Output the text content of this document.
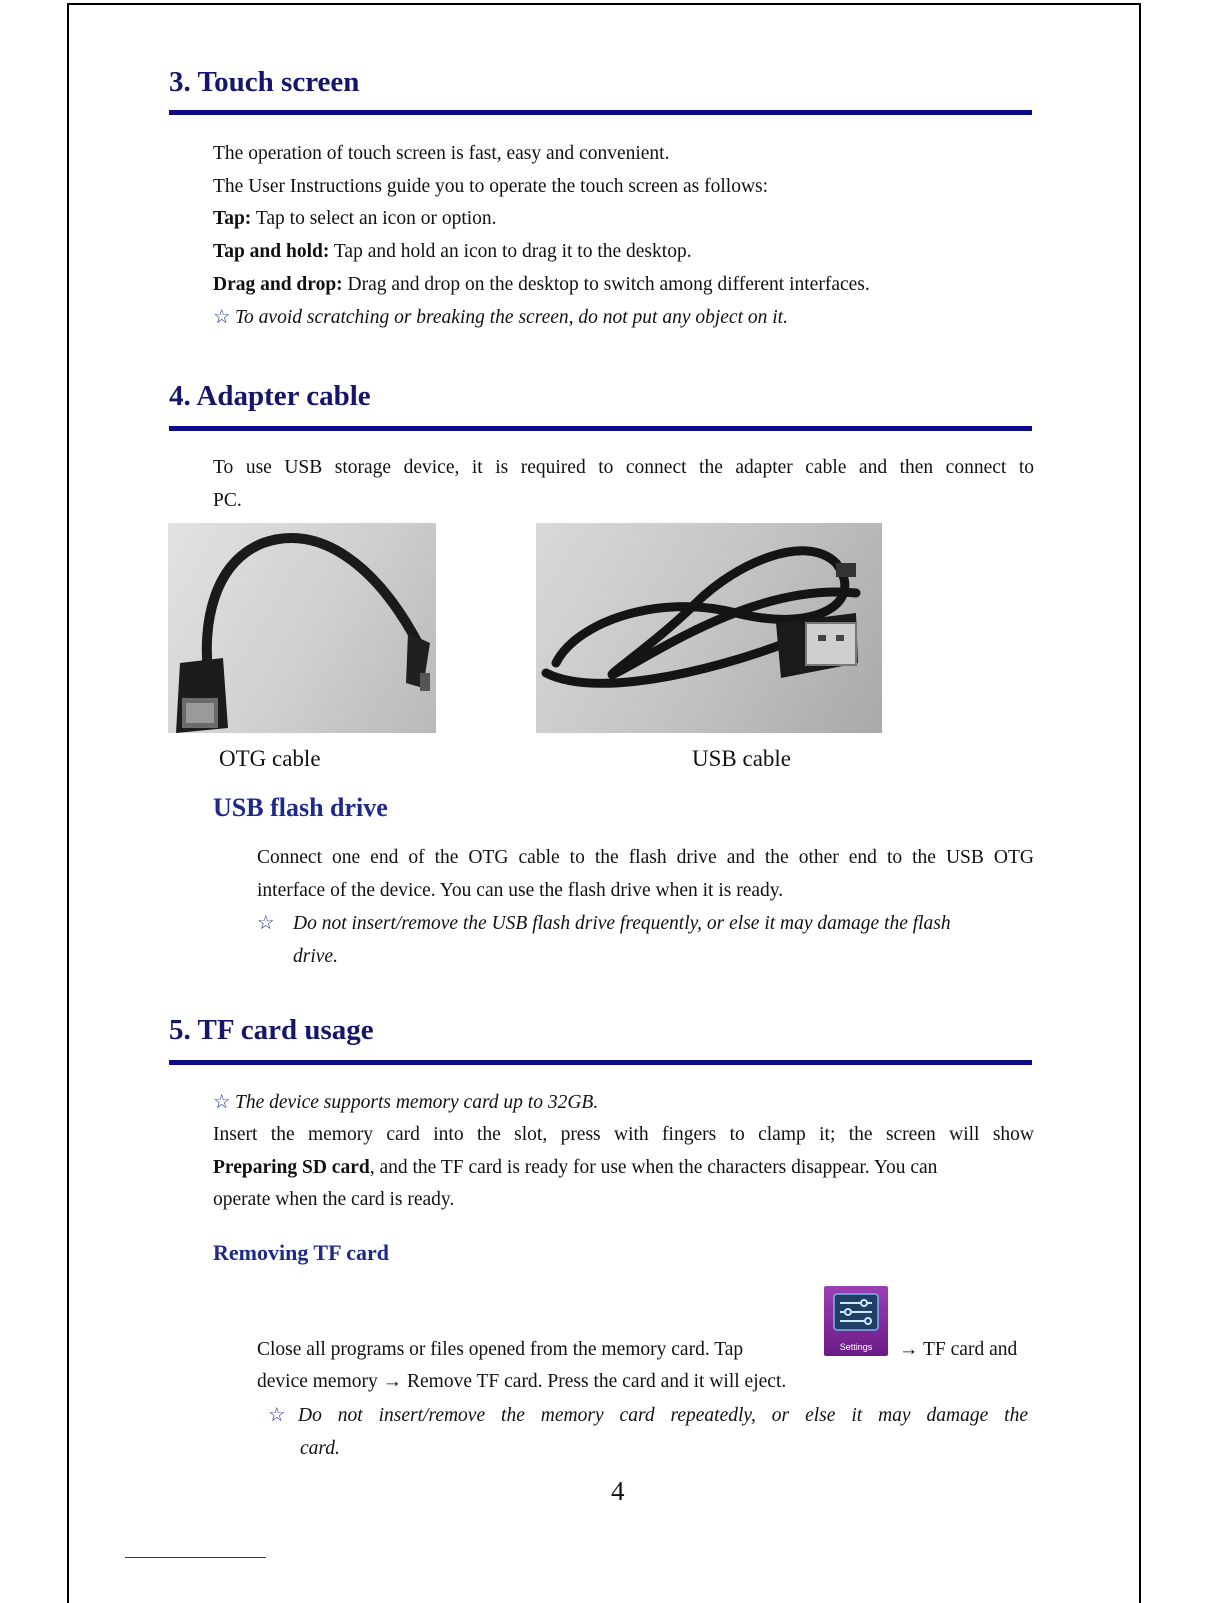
3. Touch screen
The operation of touch screen is fast, easy and convenient.
The User Instructions guide you to operate the touch screen as follows:
Tap: Tap to select an icon or option.
Tap and hold: Tap and hold an icon to drag it to the desktop.
Drag and drop: Drag and drop on the desktop to switch among different interfaces.
☆ To avoid scratching or breaking the screen, do not put any object on it.
4. Adapter cable
To use USB storage device, it is required to connect the adapter cable and then connect to
PC.
OTG cable	USB cable
USB flash drive
Connect one end of the OTG cable to the flash drive and the other end to the USB OTG
interface of the device. You can use the flash drive when it is ready.
☆ Do not insert/remove the USB flash drive frequently, or else it may damage the flash
drive.
5. TF card usage
☆ The device supports memory card up to 32GB.
Insert the memory card into the slot, press with fingers to clamp it; the screen will show
Preparing SD card, and the TF card is ready for use when the characters disappear. You can
operate when the card is ready.
Removing TF card
Close all programs or files opened from the memory card. Tap	Settings	→ TF card and
device memory → Remove TF card. Press the card and it will eject.
☆ Do not insert/remove the memory card repeatedly, or else it may damage the
card.
4
